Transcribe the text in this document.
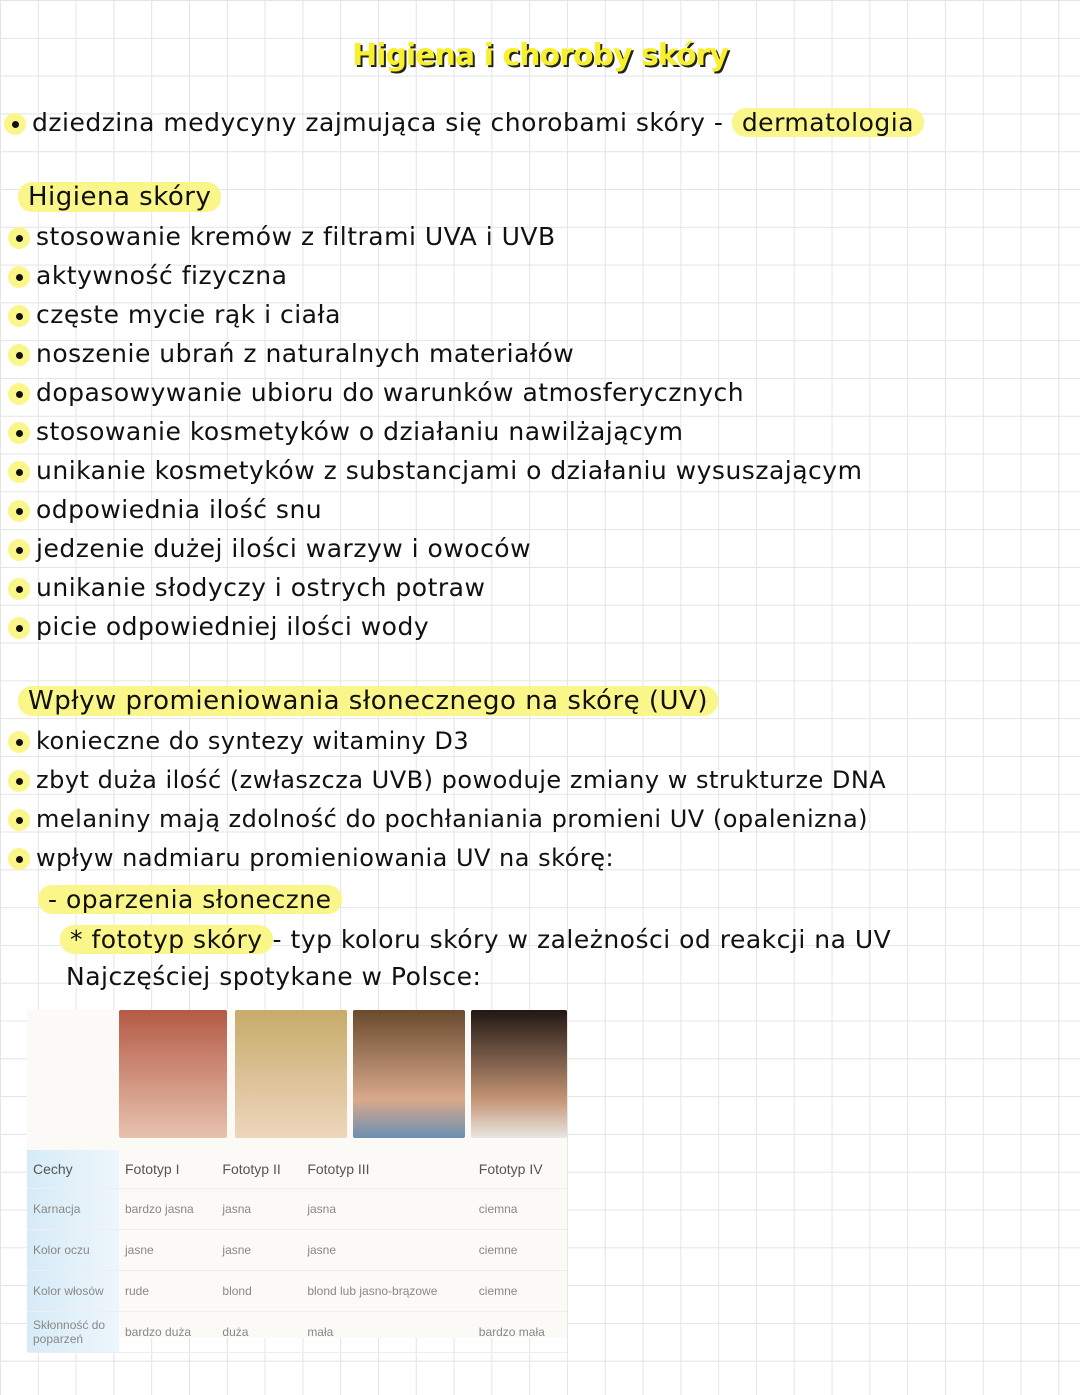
Higiena i choroby skóry
dziedzina medycyny zajmująca się chorobami skóry - dermatologia
Higiena skóry
stosowanie kremów z filtrami UVA i UVB
aktywność fizyczna
częste mycie rąk i ciała
noszenie ubrań z naturalnych materiałów
dopasowywanie ubioru do warunków atmosferycznych
stosowanie kosmetyków o działaniu nawilżającym
unikanie kosmetyków z substancjami o działaniu wysuszającym
odpowiednia ilość snu
jedzenie dużej ilości warzyw i owoców
unikanie słodyczy i ostrych potraw
picie odpowiedniej ilości wody
Wpływ promieniowania słonecznego na skórę (UV)
konieczne do syntezy witaminy D3
zbyt duża ilość (zwłaszcza UVB) powoduje zmiany w strukturze DNA
melaniny mają zdolność do pochłaniania promieni UV (opalenizna)
wpływ nadmiaru promieniowania UV na skórę:
- oparzenia słoneczne
* fototyp skóry - typ koloru skóry w zależności od reakcji na UV
Najczęściej spotykane w Polsce:
Cechy	Fototyp I	Fototyp II	Fototyp III	Fototyp IV
Karnacja	bardzo jasna	jasna	jasna	ciemna
Kolor oczu	jasne	jasne	jasne	ciemne
Kolor włosów	rude	blond	blond lub jasno-brązowe	ciemne
Skłonność do poparzeń	bardzo duża	duża	mała	bardzo mała
